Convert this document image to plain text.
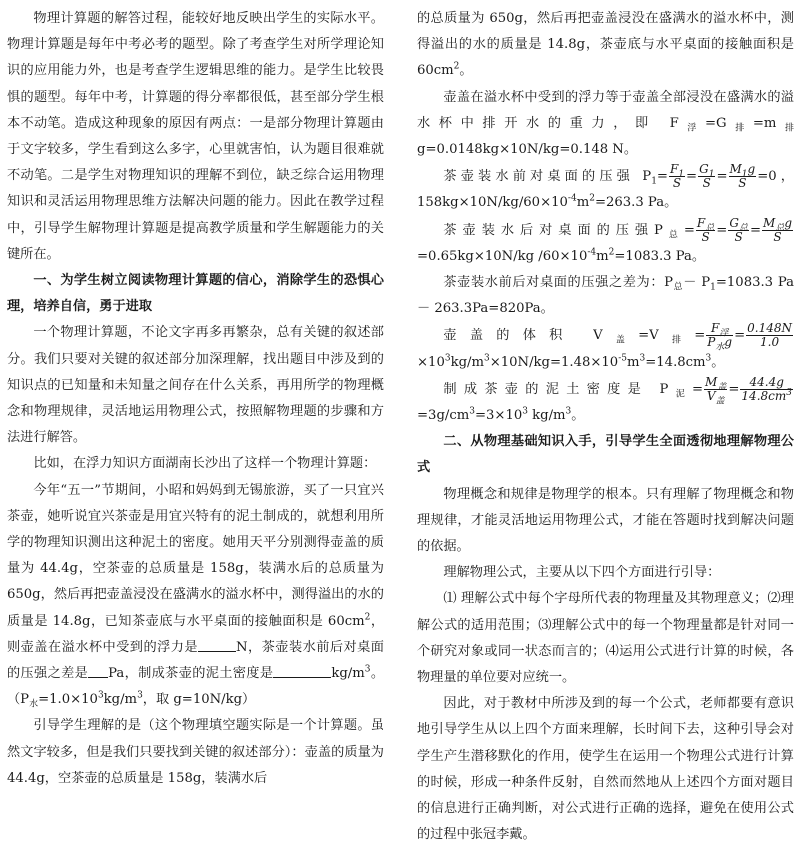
物理计算题的解答过程，能较好地反映出学生的实际水平。物理计算题是每年中考必考的题型。除了考查学生对所学理论知识的应用能力外，也是考查学生逻辑思维的能力。是学生比较畏惧的题型。每年中考，计算题的得分率都很低，甚至部分学生根本不动笔。造成这种现象的原因有两点：一是部分物理计算题由于文字较多，学生看到这么多字，心里就害怕，认为题目很难就不动笔。二是学生对物理知识的理解不到位，缺乏综合运用物理知识和灵活运用物理思维方法解决问题的能力。因此在教学过程中，引导学生解物理计算题是提高教学质量和学生解题能力的关键所在。

一、为学生树立阅读物理计算题的信心，消除学生的恐惧心理，培养自信，勇于进取

一个物理计算题，不论文字再多再繁杂，总有关键的叙述部分。我们只要对关键的叙述部分加深理解，找出题目中涉及到的知识点的已知量和未知量之间存在什么关系，再用所学的物理概念和物理规律，灵活地运用物理公式，按照解物理题的步骤和方法进行解答。

比如，在浮力知识方面湖南长沙出了这样一个物理计算题：

今年“五一”节期间，小昭和妈妈到无锡旅游，买了一只宜兴茶壶，她听说宜兴茶壶是用宜兴特有的泥土制成的，就想利用所学的物理知识测出这种泥土的密度。她用天平分别测得壶盖的质量为 44.4g，空茶壶的总质量是 158g，装满水后的总质量为 650g，然后再把壶盖浸没在盛满水的溢水杯中，测得溢出的水的质量是 14.8g，已知茶壶底与水平桌面的接触面积是 $60cm^2$，则壶盖在溢水杯中受到的浮力是	N，茶壶装水前后对桌面的压强之差是 Pa，制成茶壶的泥土密度是	$kg/m^3$。（$P_水=1.0\times 10^3kg/m^3$，取 g=10N/kg）

引导学生理解的是（这个物理填空题实际是一个计算题。虽然文字较多，但是我们只要找到关键的叙述部分）：壶盖的质量为 44.4g，空茶壶的总质量是 158g，装满水后

的总质量为 650g，然后再把壶盖浸没在盛满水的溢水杯中，测得溢出的水的质量是 14.8g，茶壶底与水平桌面的接触面积是 $60cm^2$。

壶盖在溢水杯中受到的浮力等于壶盖全部浸没在盛满水的溢水杯中排开水的重力，即 $F_浮=G_排=m_排g=0.0148kg\times 10N/kg=0.148$ N。

茶壶装水前对桌面的压强 $P_1= \frac{F_1}{S} = \frac{G_1}{S} = \frac{M_1g}{S} =0$，$158kg\times 10N/kg/60\times 10^{-4}m^2=263.3$ Pa。

茶壶装水后对桌面的压强$P_总= \frac{F_总}{S} = \frac{G_总}{S} = \frac{M_总g}{S}$
=0.65kg×10N/kg $/60\times 10^{-4}m^2=1083.3$ Pa。

茶壶装水前后对桌面的压强之差为：$P_总- P_1=1083.3$ Pa － 263.3Pa=820Pa。

壶盖的体积 $V_盖=V_排= \frac{F_浮}{P_水g} = \frac{0.148N}{1.0}$
$\times 10^3kg/m^3\times 10N/kg=1.48\times 10^{-5}m^3=14.8cm^3$。

制成茶壶的泥土密度是 $P_泥= \frac{M_盖}{V_盖} = \frac{44.4g}{14.8cm^3}$
$=3g/cm^3=3\times 10^3$ $kg/m^3$。

二、从物理基础知识入手，引导学生全面透彻地理解物理公式

物理概念和规律是物理学的根本。只有理解了物理概念和物理规律，才能灵活地运用物理公式，才能在答题时找到解决问题的依据。

理解物理公式，主要从以下四个方面进行引导：

⑴ 理解公式中每个字母所代表的物理量及其物理意义；⑵理解公式的适用范围；⑶理解公式中的每一个物理量都是针对同一个研究对象或同一状态而言的；⑷运用公式进行计算的时候，各物理量的单位要对应统一。

因此，对于教材中所涉及到的每一个公式，老师都要有意识地引导学生从以上四个方面来理解，长时间下去，这种引导会对学生产生潜移默化的作用，使学生在运用一个物理公式进行计算的时候，形成一种条件反射，自然而然地从上述四个方面对题目的信息进行正确判断，对公式进行正确的选择，避免在使用公式的过程中张冠李戴。
